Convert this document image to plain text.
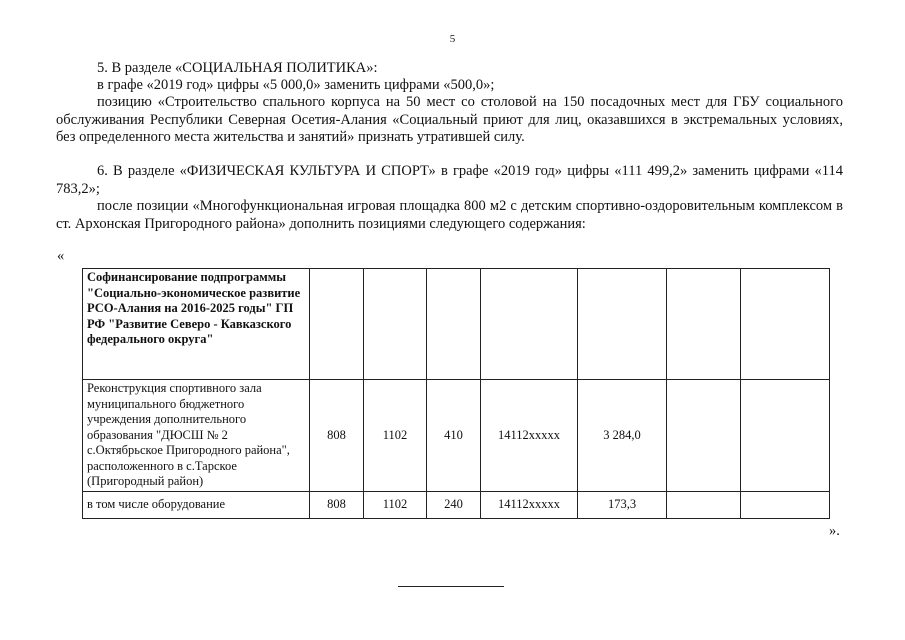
5

5. В разделе «СОЦИАЛЬНАЯ ПОЛИТИКА»:

в графе «2019 год» цифры «5 000,0» заменить цифрами «500,0»;

позицию «Строительство спального корпуса на 50 мест со столовой на 150 посадочных мест для ГБУ социального обслуживания Республики Северная Осетия-Алания «Социальный приют для лиц, оказавшихся в экстремальных условиях, без определенного места жительства и занятий» признать утратившей силу.

6. В разделе «ФИЗИЧЕСКАЯ КУЛЬТУРА И СПОРТ» в графе «2019 год» цифры «111 499,2» заменить цифрами «114 783,2»;

после позиции «Многофункциональная игровая площадка 800 м2 с детским спортивно-оздоровительным комплексом в ст. Архонская Пригородного района» дополнить позициями следующего содержания:

«
Софинансирование подпрограммы "Социально-экономическое развитие РСО-Алания на 2016-2025 годы" ГП РФ "Развитие Северо - Кавказского федерального округа"							
Реконструкция спортивного зала муниципального бюджетного учреждения дополнительного образования "ДЮСШ № 2 с.Октябрьское Пригородного района", расположенного в с.Тарское (Пригородный район)	808	1102	410	14112xxxxx	3 284,0		
в том числе оборудование	808	1102	240	14112xxxxx	173,3		
».
